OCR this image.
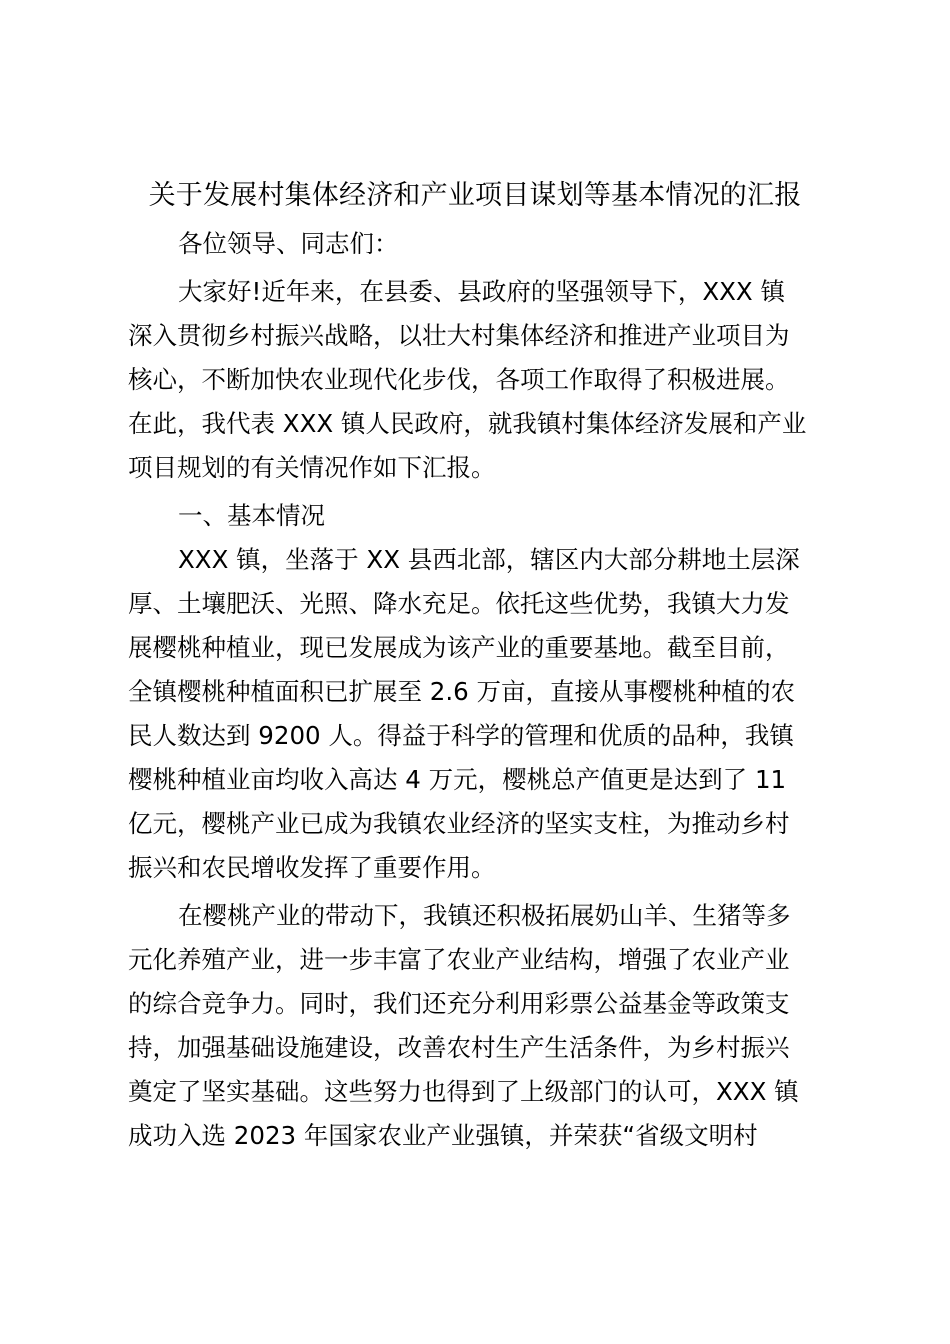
关于发展村集体经济和产业项目谋划等基本情况的汇报
各位领导、同志们：
大家好!近年来，在县委、县政府的坚强领导下，XXX 镇
深入贯彻乡村振兴战略，以壮大村集体经济和推进产业项目为
核心，不断加快农业现代化步伐，各项工作取得了积极进展。
在此，我代表 XXX 镇人民政府，就我镇村集体经济发展和产业
项目规划的有关情况作如下汇报。
一、基本情况
XXX 镇，坐落于 XX 县西北部，辖区内大部分耕地土层深
厚、土壤肥沃、光照、降水充足。依托这些优势，我镇大力发
展樱桃种植业，现已发展成为该产业的重要基地。截至目前，
全镇樱桃种植面积已扩展至 2.6 万亩，直接从事樱桃种植的农
民人数达到 9200 人。得益于科学的管理和优质的品种，我镇
樱桃种植业亩均收入高达 4 万元，樱桃总产值更是达到了 11
亿元，樱桃产业已成为我镇农业经济的坚实支柱，为推动乡村
振兴和农民增收发挥了重要作用。
在樱桃产业的带动下，我镇还积极拓展奶山羊、生猪等多
元化养殖产业，进一步丰富了农业产业结构，增强了农业产业
的综合竞争力。同时，我们还充分利用彩票公益基金等政策支
持，加强基础设施建设，改善农村生产生活条件，为乡村振兴
奠定了坚实基础。这些努力也得到了上级部门的认可，XXX 镇
成功入选 2023 年国家农业产业强镇，并荣获“省级文明村
